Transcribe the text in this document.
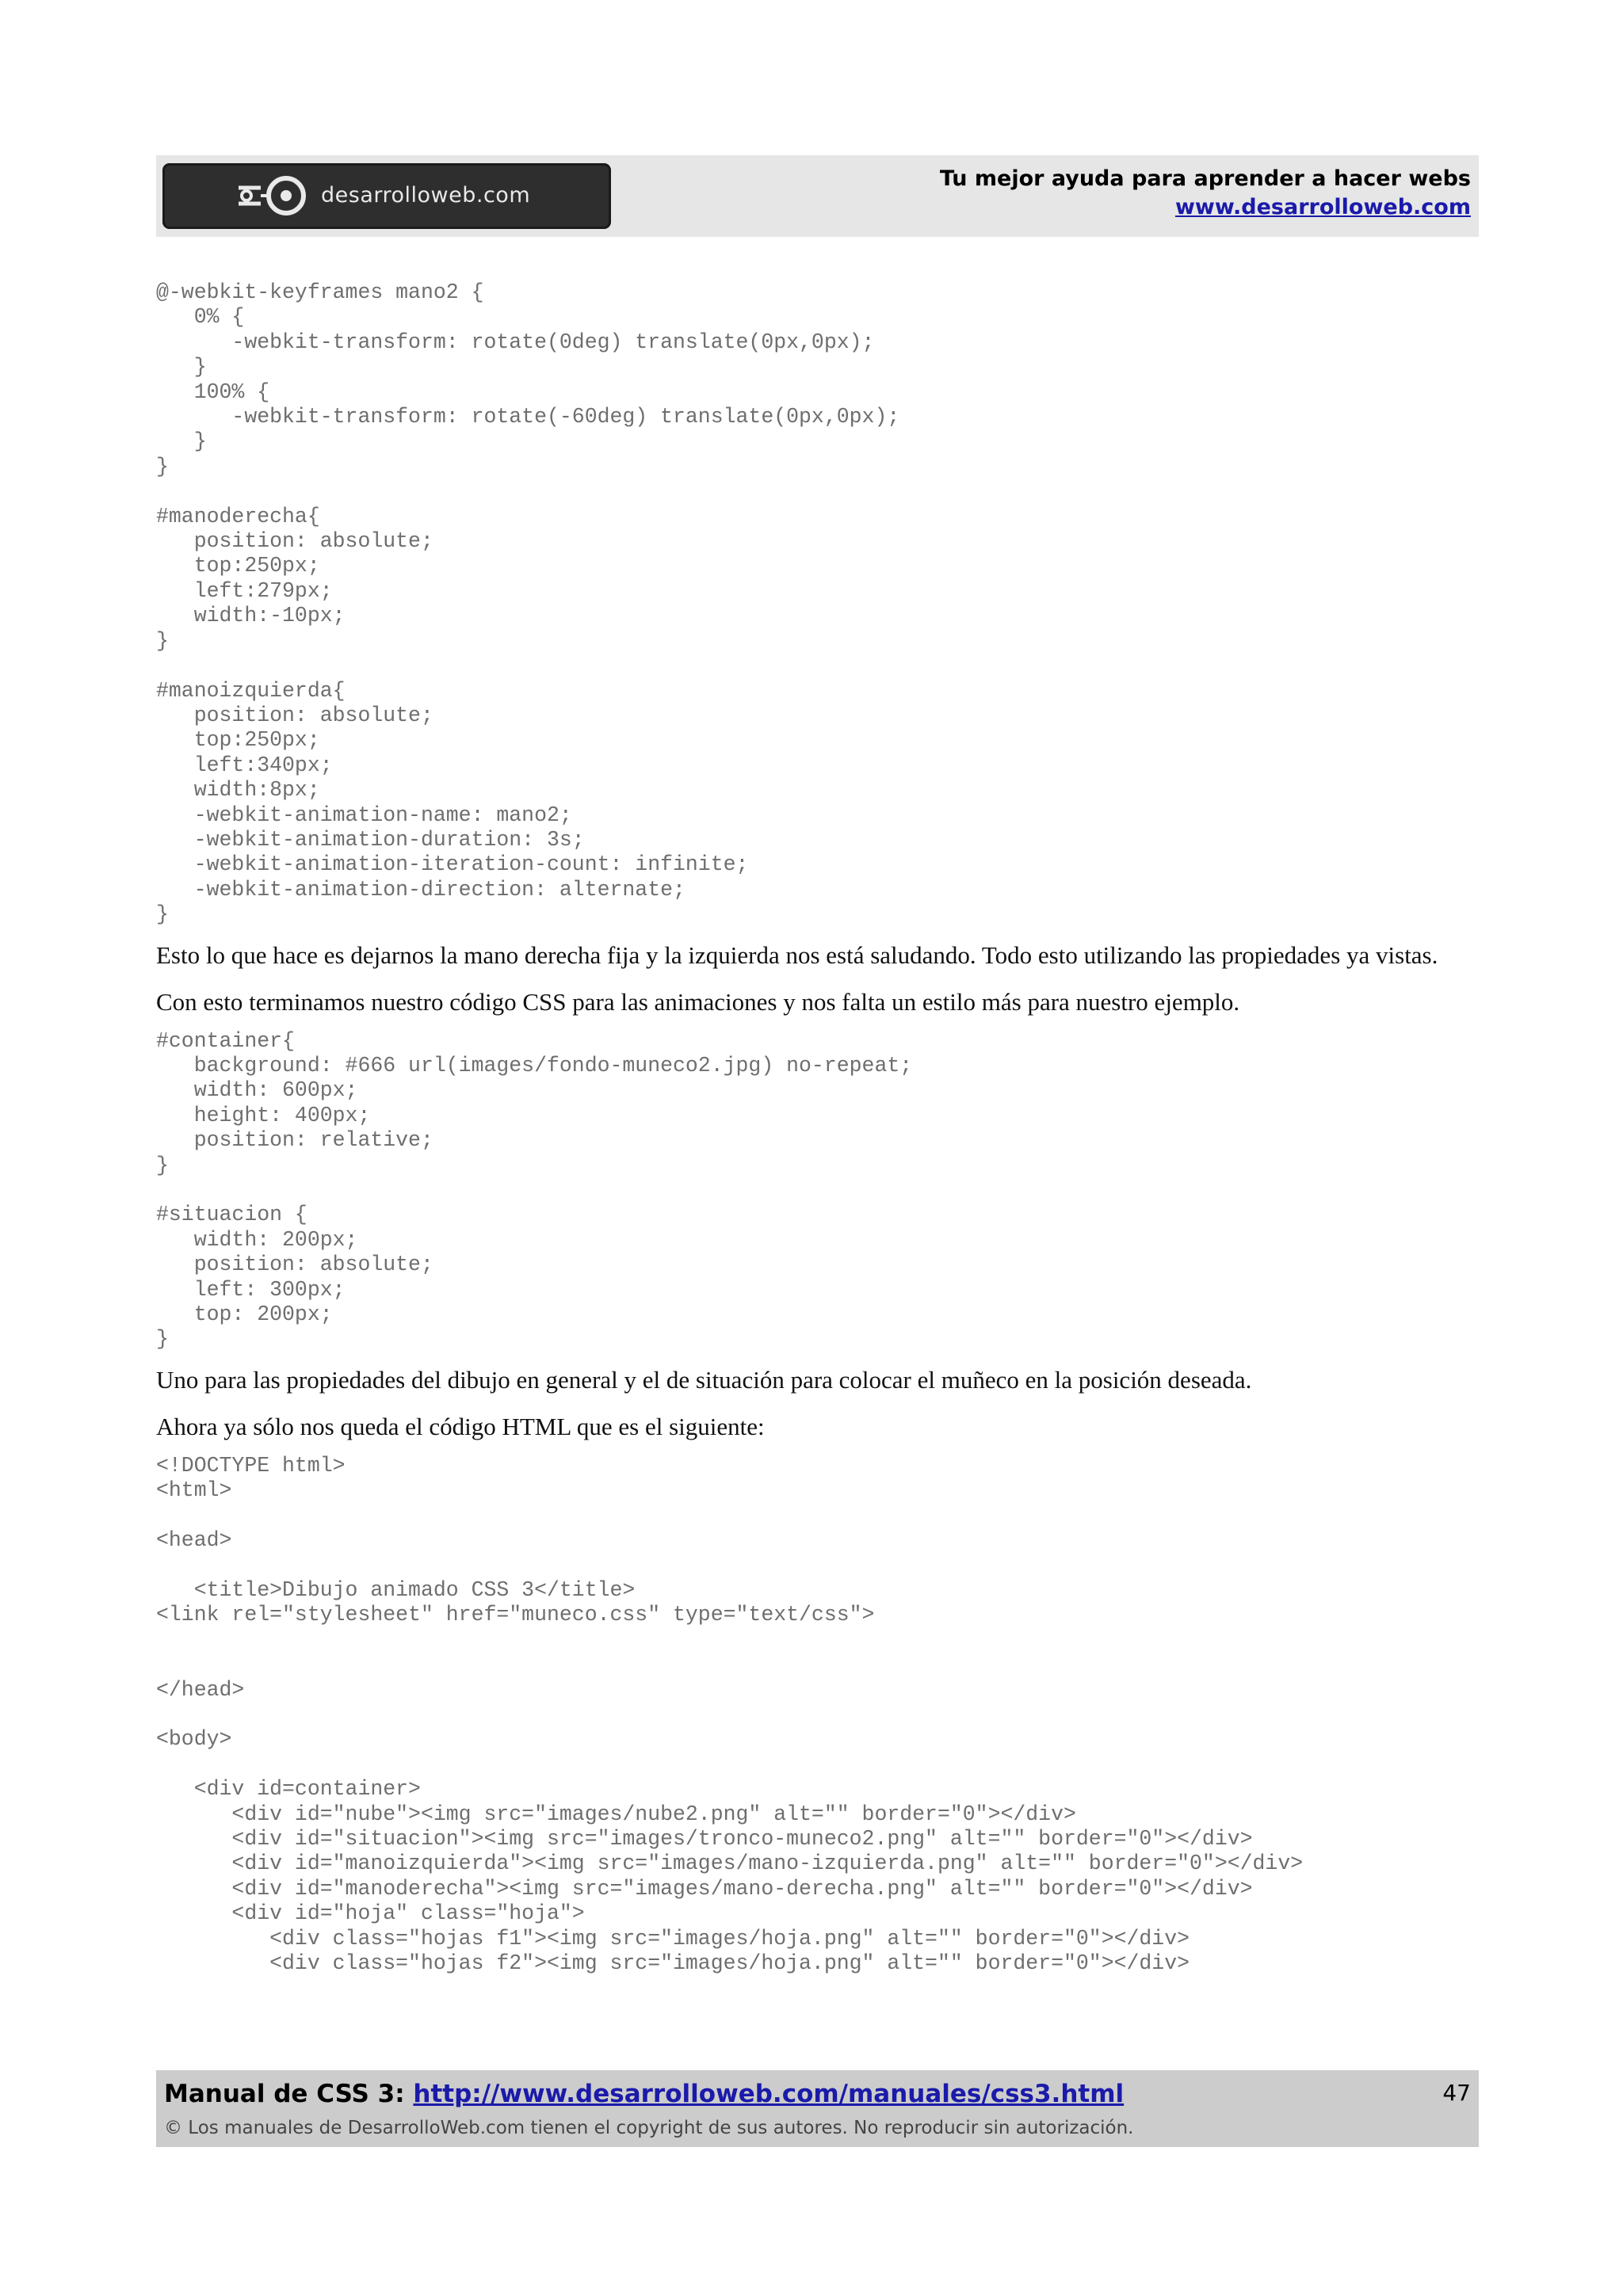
desarrolloweb.com
Tu mejor ayuda para aprender a hacer webs
www.desarrolloweb.com
@-webkit-keyframes mano2 {
0% {
-webkit-transform: rotate(0deg) translate(0px,0px);
}
100% {
-webkit-transform: rotate(-60deg) translate(0px,0px);
}
}

#manoderecha{
position: absolute;
top:250px;
left:279px;
width:-10px;
}

#manoizquierda{
position: absolute;
top:250px;
left:340px;
width:8px;
-webkit-animation-name: mano2;
-webkit-animation-duration: 3s;
-webkit-animation-iteration-count: infinite;
-webkit-animation-direction: alternate;
}

Esto lo que hace es dejarnos la mano derecha fija y la izquierda nos está saludando. Todo esto utilizando las propiedades ya vistas.

Con esto terminamos nuestro código CSS para las animaciones y nos falta un estilo más para nuestro ejemplo.

#container{
background: #666 url(images/fondo-muneco2.jpg) no-repeat;
width: 600px;
height: 400px;
position: relative;
}

#situacion {
width: 200px;
position: absolute;
left: 300px;
top: 200px;
}

Uno para las propiedades del dibujo en general y el de situación para colocar el muñeco en la posición deseada.

Ahora ya sólo nos queda el código HTML que es el siguiente:

<!DOCTYPE html>
<html>

<head>

<title>Dibujo animado CSS 3</title>
<link rel="stylesheet" href="muneco.css" type="text/css">

</head>

<body>

<div id=container>
<div id="nube"><img src="images/nube2.png" alt="" border="0"></div>
<div id="situacion"><img src="images/tronco-muneco2.png" alt="" border="0"></div>
<div id="manoizquierda"><img src="images/mano-izquierda.png" alt="" border="0"></div>
<div id="manoderecha"><img src="images/mano-derecha.png" alt="" border="0"></div>
<div id="hoja" class="hoja">
<div class="hojas f1"><img src="images/hoja.png" alt="" border="0"></div>
<div class="hojas f2"><img src="images/hoja.png" alt="" border="0"></div>
Manual de CSS 3: http://www.desarrolloweb.com/manuales/css3.html	47
© Los manuales de DesarrolloWeb.com tienen el copyright de sus autores. No reproducir sin autorización.
